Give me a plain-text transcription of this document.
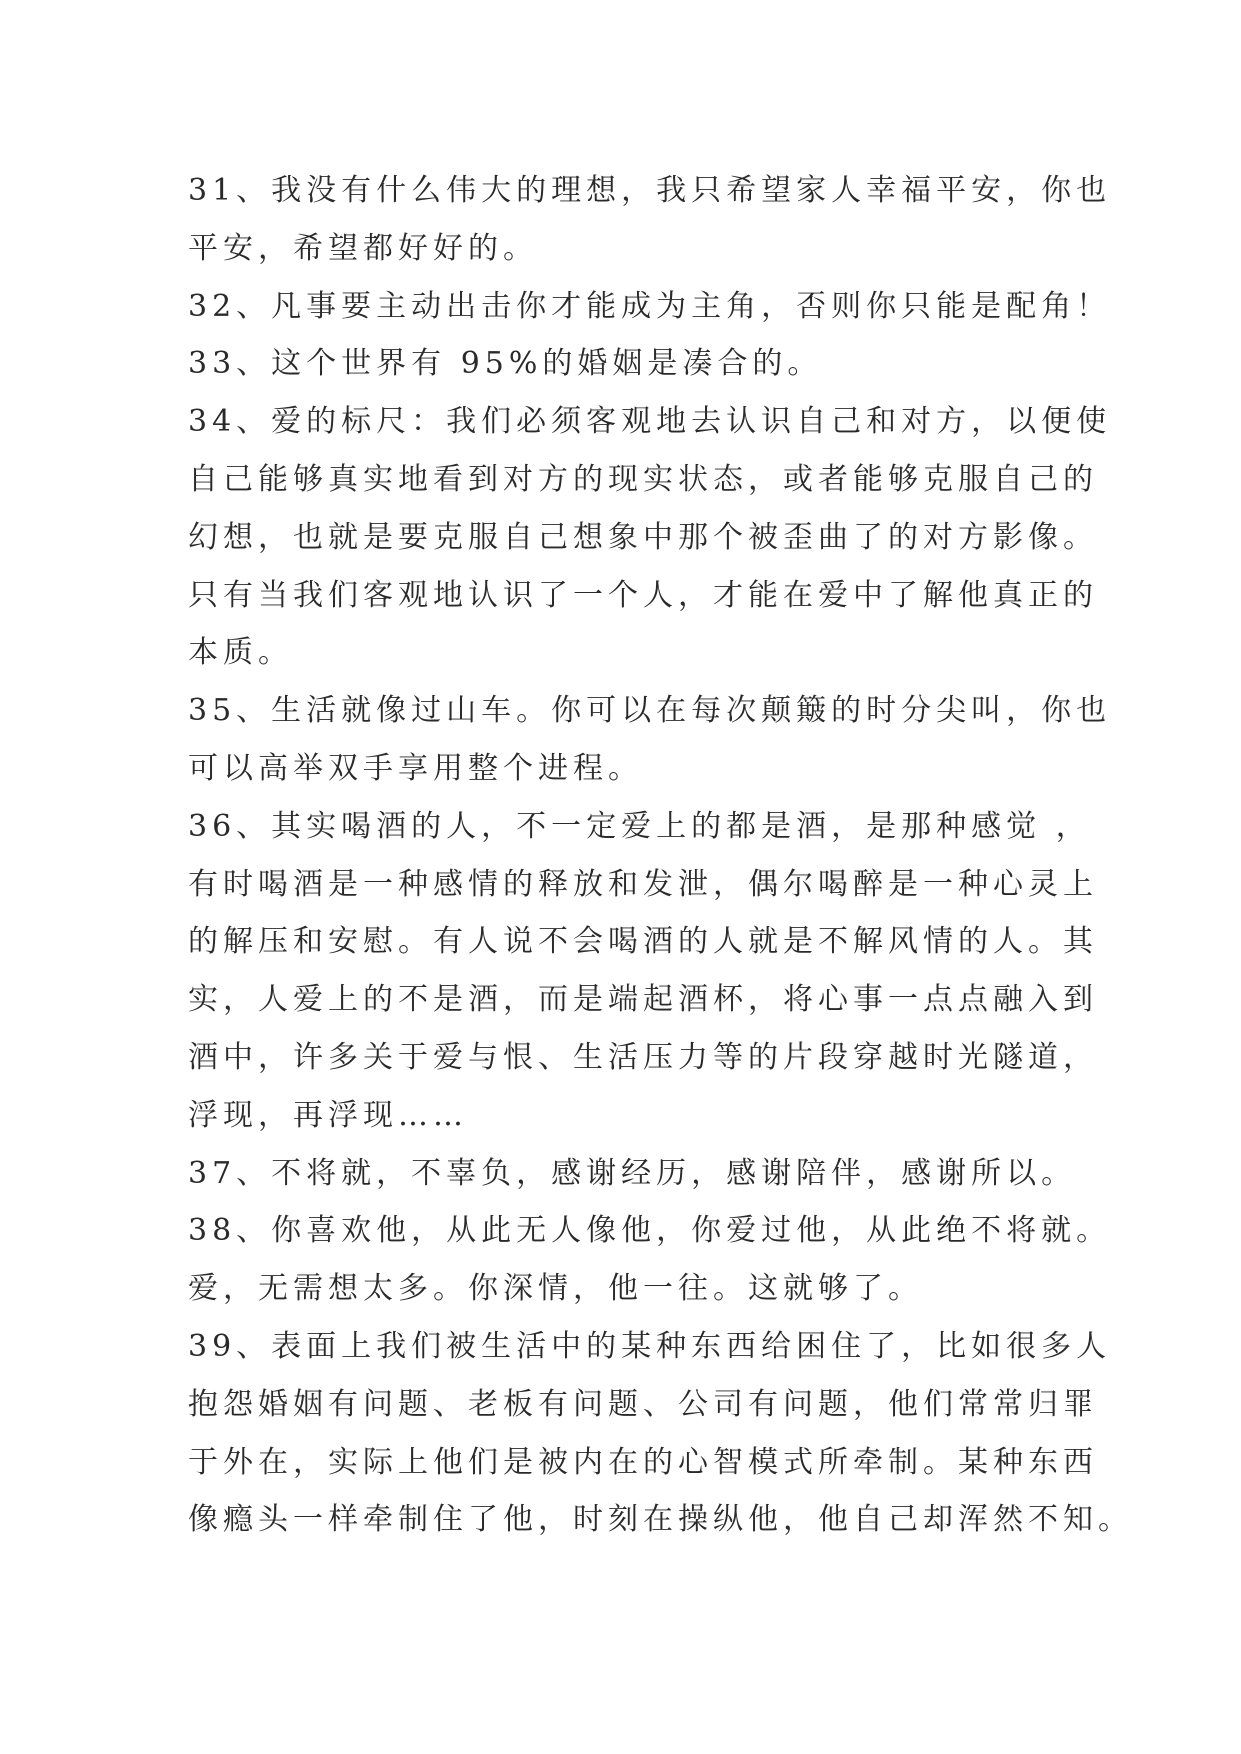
31、我没有什么伟大的理想，我只希望家人幸福平安，你也
平安，希望都好好的。
32、凡事要主动出击你才能成为主角，否则你只能是配角！
33、这个世界有 95%的婚姻是凑合的。
34、爱的标尺：我们必须客观地去认识自己和对方，以便使
自己能够真实地看到对方的现实状态，或者能够克服自己的
幻想，也就是要克服自己想象中那个被歪曲了的对方影像。
只有当我们客观地认识了一个人，才能在爱中了解他真正的
本质。
35、生活就像过山车。你可以在每次颠簸的时分尖叫，你也
可以高举双手享用整个进程。
36、其实喝酒的人，不一定爱上的都是酒，是那种感觉 ，
有时喝酒是一种感情的释放和发泄，偶尔喝醉是一种心灵上
的解压和安慰。有人说不会喝酒的人就是不解风情的人。其
实，人爱上的不是酒，而是端起酒杯，将心事一点点融入到
酒中，许多关于爱与恨、生活压力等的片段穿越时光隧道，
浮现，再浮现……
37、不将就，不辜负，感谢经历，感谢陪伴，感谢所以。
38、你喜欢他，从此无人像他，你爱过他，从此绝不将就。
爱，无需想太多。你深情，他一往。这就够了。
39、表面上我们被生活中的某种东西给困住了，比如很多人
抱怨婚姻有问题、老板有问题、公司有问题，他们常常归罪
于外在，实际上他们是被内在的心智模式所牵制。某种东西
像瘾头一样牵制住了他，时刻在操纵他，他自己却浑然不知。
